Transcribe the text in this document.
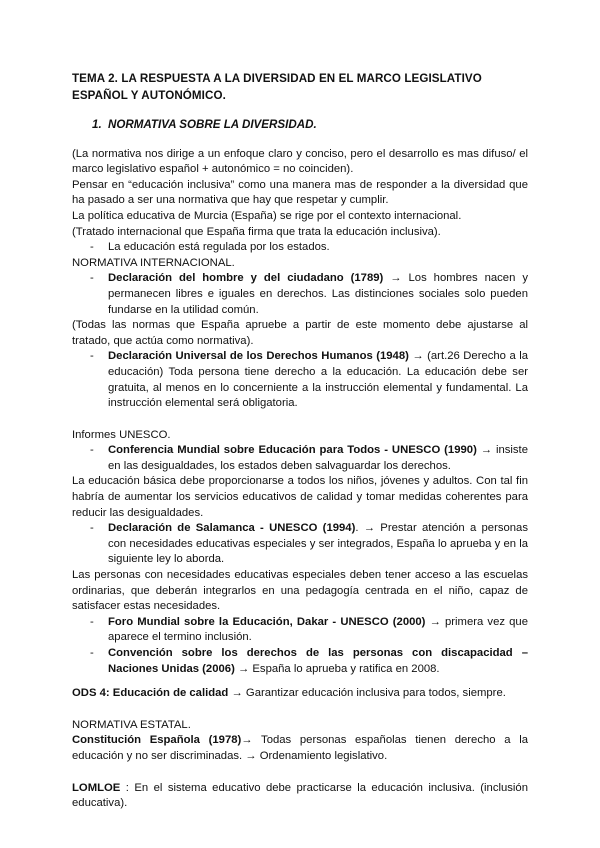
TEMA 2. LA RESPUESTA A LA DIVERSIDAD EN EL MARCO LEGISLATIVO ESPAÑOL Y AUTONÓMICO.

1. NORMATIVA SOBRE LA DIVERSIDAD.

(La normativa nos dirige a un enfoque claro y conciso, pero el desarrollo es mas difuso/ el marco legislativo español + autonómico = no coinciden).

Pensar en “educación inclusiva” como una manera mas de responder a la diversidad que ha pasado a ser una normativa que hay que respetar y cumplir.

La política educativa de Murcia (España) se rige por el contexto internacional.

(Tratado internacional que España firma que trata la educación inclusiva).

- La educación está regulada por los estados.

NORMATIVA INTERNACIONAL.

- Declaración del hombre y del ciudadano (1789) → Los hombres nacen y permanecen libres e iguales en derechos. Las distinciones sociales solo pueden fundarse en la utilidad común.

(Todas las normas que España apruebe a partir de este momento debe ajustarse al tratado, que actúa como normativa).

- Declaración Universal de los Derechos Humanos (1948) → (art.26 Derecho a la educación) Toda persona tiene derecho a la educación. La educación debe ser gratuita, al menos en lo concerniente a la instrucción elemental y fundamental. La instrucción elemental será obligatoria.

Informes UNESCO.

- Conferencia Mundial sobre Educación para Todos - UNESCO (1990) → insiste en las desigualdades, los estados deben salvaguardar los derechos.

La educación básica debe proporcionarse a todos los niños, jóvenes y adultos. Con tal fin habría de aumentar los servicios educativos de calidad y tomar medidas coherentes para reducir las desigualdades.

- Declaración de Salamanca - UNESCO (1994). → Prestar atención a personas con necesidades educativas especiales y ser integrados, España lo aprueba y en la siguiente ley lo aborda.

Las personas con necesidades educativas especiales deben tener acceso a las escuelas ordinarias, que deberán integrarlos en una pedagogía centrada en el niño, capaz de satisfacer estas necesidades.

- Foro Mundial sobre la Educación, Dakar - UNESCO (2000) → primera vez que aparece el termino inclusión.
- Convención sobre los derechos de las personas con discapacidad – Naciones Unidas (2006) → España lo aprueba y ratifica en 2008.

ODS 4: Educación de calidad → Garantizar educación inclusiva para todos, siempre.

NORMATIVA ESTATAL.

Constitución Española (1978)→ Todas personas españolas tienen derecho a la educación y no ser discriminadas. → Ordenamiento legislativo.

LOMLOE : En el sistema educativo debe practicarse la educación inclusiva. (inclusión educativa).
